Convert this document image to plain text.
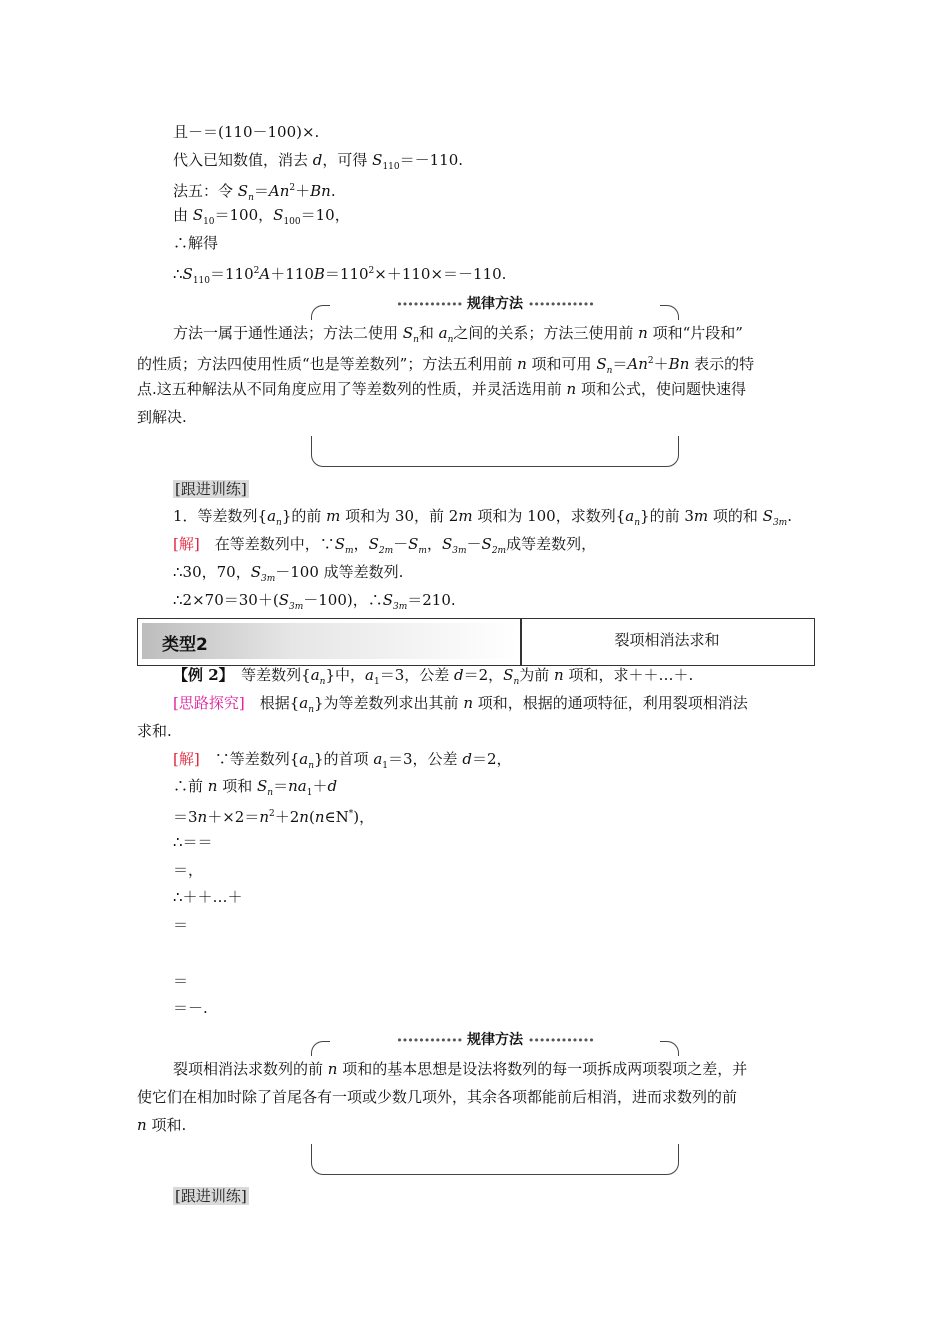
且－＝(110－100)×.
代入已知数值，消去 d，可得 $S_{110}=-110$.
法五：令 $S_n=An^2+Bn$.
由 $S_{10}=100$，$S_{100}=10$，
∴解得
$\therefore S_{110}=110^2A+110B=110^2\times+110\times=-110$.
•••••••••••• 规律方法 ••••••••••••
方法一属于通性通法；方法二使用 $S_n$和 $a_n$之间的关系；方法三使用前 n 项和“片段和”
的性质；方法四使用性质“也是等差数列”；方法五利用前 n 项和可用 $S_n=An^2+Bn$ 表示的特
点.这五种解法从不同角度应用了等差数列的性质，并灵活选用前 n 项和公式，使问题快速得
到解决.
[跟进训练]
1．等差数列$\{a_n\}$的前 m 项和为 30，前 2m 项和为 100，求数列$\{a_n\}$的前 3m 项的和 $S_{3m}$.
[解]　在等差数列中，$\because S_m$，$S_{2m}-S_m$，$S_{3m}-S_{2m}$成等差数列，
∴30，70，$S_{3m}-100$ 成等差数列.
$\therefore 2\times 70=30+(S_{3m}-100)$，$\therefore S_{3m}=210$.
类型2	裂项相消法求和
【例 2】　等差数列$\{a_n\}$中，$a_1=3$，公差 d＝2，$S_n$为前 n 项和，求＋＋…＋.
[思路探究]　根据$\{a_n\}$为等差数列求出其前 n 项和，根据的通项特征，利用裂项相消法
求和.
[解]　∵等差数列$\{a_n\}$的首项 $a_1=3$，公差 d＝2，
∴前 n 项和 $S_n=na_1+d$
$=3n+\times 2=n^2+2n(n\in N^*)$，
∴＝＝
＝，
∴＋＋…＋
＝
＝
＝－.
•••••••••••• 规律方法 ••••••••••••
裂项相消法求数列的前 n 项和的基本思想是设法将数列的每一项拆成两项裂项之差，并
使它们在相加时除了首尾各有一项或少数几项外，其余各项都能前后相消，进而求数列的前
n 项和.
[跟进训练]
